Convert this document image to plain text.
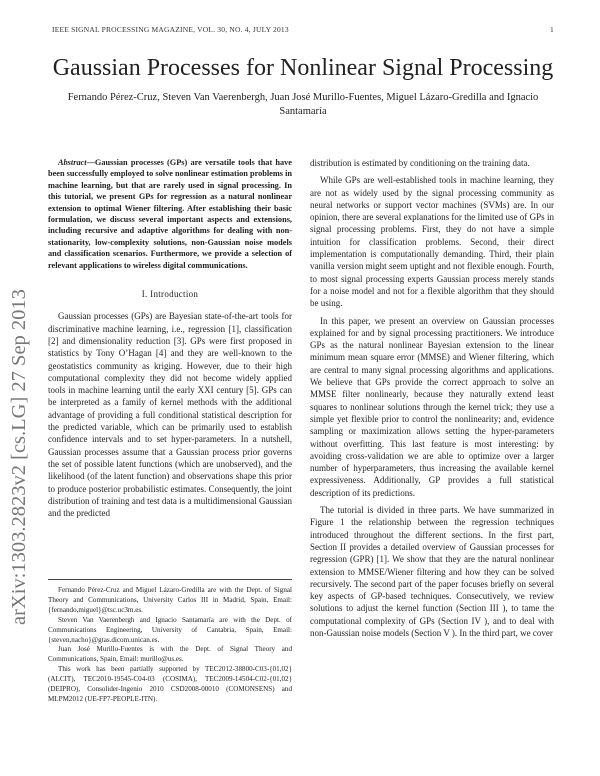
IEEE SIGNAL PROCESSING MAGAZINE, VOL. 30, NO. 4, JULY 2013	1
Gaussian Processes for Nonlinear Signal Processing
Fernando Pérez-Cruz, Steven Van Vaerenbergh, Juan José Murillo-Fuentes, Miguel Lázaro-Gredilla and Ignacio Santamaría
arXiv:1303.2823v2 [cs.LG] 27 Sep 2013

Abstract—Gaussian processes (GPs) are versatile tools that have been successfully employed to solve nonlinear estimation problems in machine learning, but that are rarely used in signal processing. In this tutorial, we present GPs for regression as a natural nonlinear extension to optimal Wiener filtering. After establishing their basic formulation, we discuss several important aspects and extensions, including recursive and adaptive algorithms for dealing with non-stationarity, low-complexity solutions, non-Gaussian noise models and classification scenarios. Furthermore, we provide a selection of relevant applications to wireless digital communications.

I. Introduction

Gaussian processes (GPs) are Bayesian state-of-the-art tools for discriminative machine learning, i.e., regression [1], classification [2] and dimensionality reduction [3]. GPs were first proposed in statistics by Tony O’Hagan [4] and they are well-known to the geostatistics community as kriging. However, due to their high computational complexity they did not become widely applied tools in machine learning until the early XXI century [5]. GPs can be interpreted as a family of kernel methods with the additional advantage of providing a full conditional statistical description for the predicted variable, which can be primarily used to establish confidence intervals and to set hyper-parameters. In a nutshell, Gaussian processes assume that a Gaussian process prior governs the set of possible latent functions (which are unobserved), and the likelihood (of the latent function) and observations shape this prior to produce posterior probabilistic estimates. Consequently, the joint distribution of training and test data is a multidimensional Gaussian and the predicted

Fernando Pérez-Cruz and Miguel Lázaro-Gredilla are with the Dept. of Signal Theory and Communications, University Carlos III in Madrid, Spain, Email: {fernando,miguel}@tsc.uc3m.es.

Steven Van Vaerenbergh and Ignacio Santamaría are with the Dept. of Communications Engineering, University of Cantabria, Spain, Email: {steven,nacho}@gtas.dicom.unican.es.

Juan José Murillo-Fuentes is with the Dept. of Signal Theory and Communications, Spain, Email: murillo@us.es.

This work has been partially supported by TEC2012-38800-C03-{01,02} (ALCIT), TEC2010-19545-C04-03 (COSIMA), TEC2009-14504-C02-{01,02} (DEIPRO), Consolider-Ingenio 2010 CSD2008-00010 (COMONSENS) and MLPM2012 (UE-FP7-PEOPLE-ITN).

distribution is estimated by conditioning on the training data.

While GPs are well-established tools in machine learning, they are not as widely used by the signal processing community as neural networks or support vector machines (SVMs) are. In our opinion, there are several explanations for the limited use of GPs in signal processing problems. First, they do not have a simple intuition for classification problems. Second, their direct implementation is computationally demanding. Third, their plain vanilla version might seem uptight and not flexible enough. Fourth, to most signal processing experts Gaussian process merely stands for a noise model and not for a flexible algorithm that they should be using.

In this paper, we present an overview on Gaussian processes explained for and by signal processing practitioners. We introduce GPs as the natural nonlinear Bayesian extension to the linear minimum mean square error (MMSE) and Wiener filtering, which are central to many signal processing algorithms and applications. We believe that GPs provide the correct approach to solve an MMSE filter nonlinearly, because they naturally extend least squares to nonlinear solutions through the kernel trick; they use a simple yet flexible prior to control the nonlinearity; and, evidence sampling or maximization allows setting the hyper-parameters without overfitting. This last feature is most interesting: by avoiding cross-validation we are able to optimize over a larger number of hyperparameters, thus increasing the available kernel expressiveness. Additionally, GP provides a full statistical description of its predictions.

The tutorial is divided in three parts. We have summarized in Figure 1 the relationship between the regression techniques introduced throughout the different sections. In the first part, Section II provides a detailed overview of Gaussian processes for regression (GPR) [1]. We show that they are the natural nonlinear extension to MMSE/Wiener filtering and how they can be solved recursively. The second part of the paper focuses briefly on several key aspects of GP-based techniques. Consecutively, we review solutions to adjust the kernel function (Section III ), to tame the computational complexity of GPs (Section IV ), and to deal with non-Gaussian noise models (Section V ). In the third part, we cover
